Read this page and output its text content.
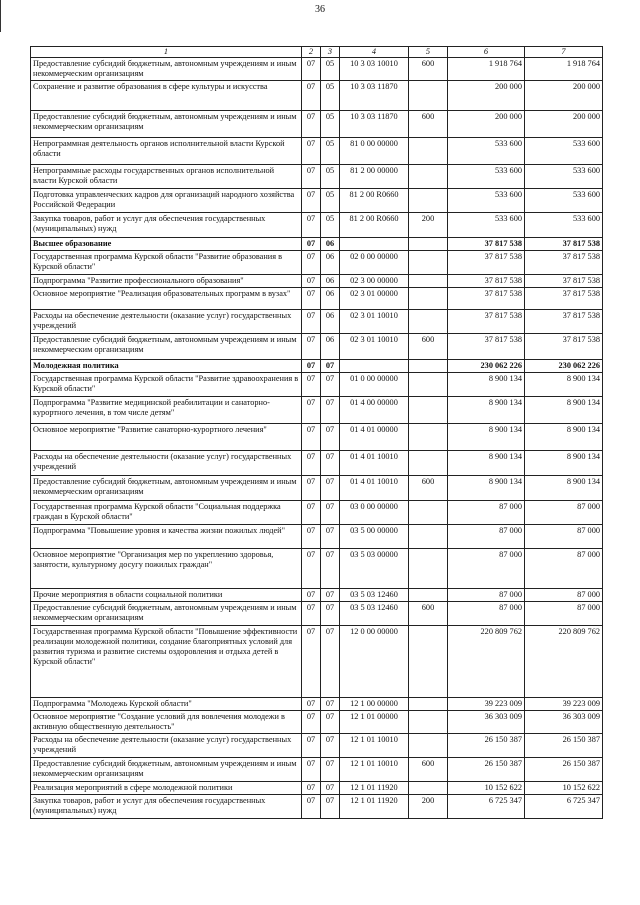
36
1	2	3	4	5	6	7
Предоставление субсидий бюджетным, автономным учреждениям и иным некоммерческим организациям	07	05	10 3 03 10010	600	1 918 764	1 918 764
Сохранение и развитие образования в сфере культуры и искусства	07	05	10 3 03 11870		200 000	200 000
Предоставление субсидий бюджетным, автономным учреждениям и иным некоммерческим организациям	07	05	10 3 03 11870	600	200 000	200 000
Непрограммная деятельность органов исполнительной власти Курской области	07	05	81 0 00 00000		533 600	533 600
Непрограммные расходы государственных органов исполнительной власти Курской области	07	05	81 2 00 00000		533 600	533 600
Подготовка управленческих кадров для организаций народного хозяйства Российской Федерации	07	05	81 2 00 R0660		533 600	533 600
Закупка товаров, работ и услуг для обеспечения государственных (муниципальных) нужд	07	05	81 2 00 R0660	200	533 600	533 600
Высшее образование	07	06			37 817 538	37 817 538
Государственная программа Курской области "Развитие образования в Курской области"	07	06	02 0 00 00000		37 817 538	37 817 538
Подпрограмма "Развитие профессионального образования"	07	06	02 3 00 00000		37 817 538	37 817 538
Основное мероприятие "Реализация образовательных программ в вузах"	07	06	02 3 01 00000		37 817 538	37 817 538
Расходы на обеспечение деятельности (оказание услуг) государственных учреждений	07	06	02 3 01 10010		37 817 538	37 817 538
Предоставление субсидий бюджетным, автономным учреждениям и иным некоммерческим организациям	07	06	02 3 01 10010	600	37 817 538	37 817 538
Молодежная политика	07	07			230 062 226	230 062 226
Государственная программа Курской области "Развитие здравоохранения в Курской области"	07	07	01 0 00 00000		8 900 134	8 900 134
Подпрограмма "Развитие медицинской реабилитации и санаторно-курортного лечения, в том числе детям"	07	07	01 4 00 00000		8 900 134	8 900 134
Основное мероприятие "Развитие санаторно-курортного лечения"	07	07	01 4 01 00000		8 900 134	8 900 134
Расходы на обеспечение деятельности (оказание услуг) государственных учреждений	07	07	01 4 01 10010		8 900 134	8 900 134
Предоставление субсидий бюджетным, автономным учреждениям и иным некоммерческим организациям	07	07	01 4 01 10010	600	8 900 134	8 900 134
Государственная программа Курской области "Социальная поддержка граждан в Курской области"	07	07	03 0 00 00000		87 000	87 000
Подпрограмма "Повышение уровня и качества жизни пожилых людей"	07	07	03 5 00 00000		87 000	87 000
Основное мероприятие "Организация мер по укреплению здоровья, занятости, культурному досугу пожилых граждан"	07	07	03 5 03 00000		87 000	87 000
Прочие мероприятия в области социальной политики	07	07	03 5 03 12460		87 000	87 000
Предоставление субсидий бюджетным, автономным учреждениям и иным некоммерческим организациям	07	07	03 5 03 12460	600	87 000	87 000
Государственная программа Курской области "Повышение эффективности реализации молодежной политики, создание благоприятных условий для развития туризма и развитие системы оздоровления и отдыха детей в Курской области"	07	07	12 0 00 00000		220 809 762	220 809 762
Подпрограмма "Молодежь Курской области"	07	07	12 1 00 00000		39 223 009	39 223 009
Основное мероприятие "Создание условий для вовлечения молодежи в активную общественную деятельность"	07	07	12 1 01 00000		36 303 009	36 303 009
Расходы на обеспечение деятельности (оказание услуг) государственных учреждений	07	07	12 1 01 10010		26 150 387	26 150 387
Предоставление субсидий бюджетным, автономным учреждениям и иным некоммерческим организациям	07	07	12 1 01 10010	600	26 150 387	26 150 387
Реализация мероприятий в сфере молодежной политики	07	07	12 1 01 11920		10 152 622	10 152 622
Закупка товаров, работ и услуг для обеспечения государственных (муниципальных) нужд	07	07	12 1 01 11920	200	6 725 347	6 725 347
